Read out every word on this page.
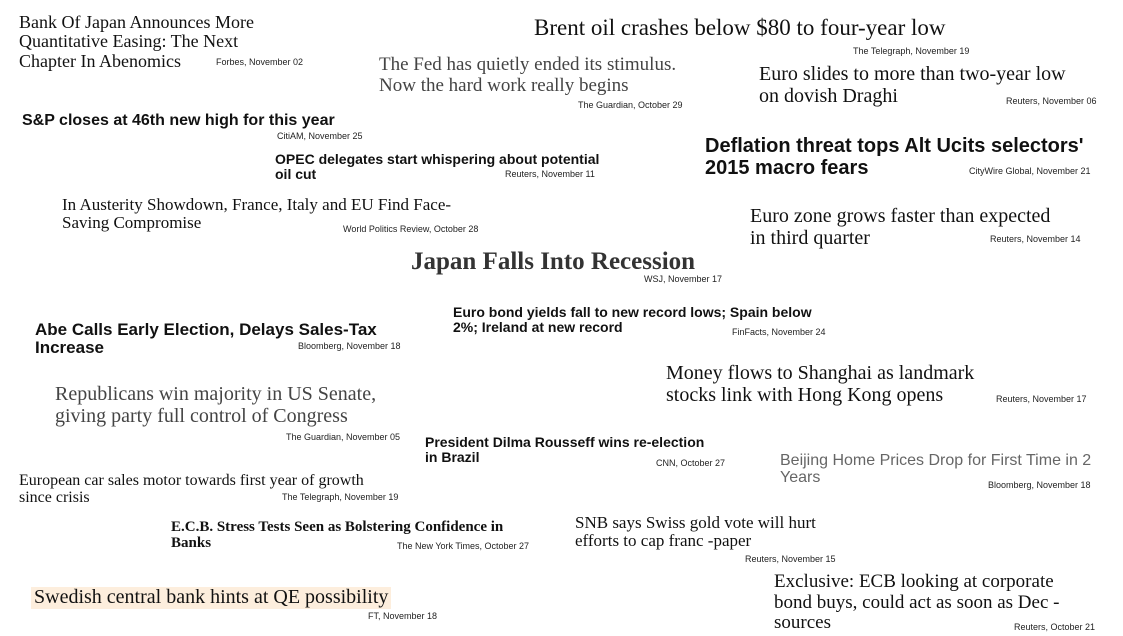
Bank Of Japan Announces More
Quantitative Easing: The Next
Chapter In Abenomics	Forbes, November 02
Brent oil crashes below $80 to four-year low
The Telegraph, November 19
The Fed has quietly ended its stimulus.
Now the hard work really begins
The Guardian, October 29
Euro slides to more than two-year low
on dovish Draghi	Reuters, November 06
S&P closes at 46th new high for this year
CitiAM, November 25
OPEC delegates start whispering about potential
oil cut	Reuters, November 11
Deflation threat tops Alt Ucits selectors'
2015 macro fears	CityWire Global, November 21
In Austerity Showdown, France, Italy and EU Find Face-
Saving Compromise	World Politics Review, October 28
Euro zone grows faster than expected
in third quarter	Reuters, November 14
Japan Falls Into Recession
WSJ, November 17
Euro bond yields fall to new record lows; Spain below
2%; Ireland at new record	FinFacts, November 24
Abe Calls Early Election, Delays Sales-Tax
Increase	Bloomberg, November 18
Money flows to Shanghai as landmark
stocks link with Hong Kong opens	Reuters, November 17
Republicans win majority in US Senate,
giving party full control of Congress
The Guardian, November 05 President Dilma Rousseff wins re-election
in Brazil	CNN, October 27	Beijing Home Prices Drop for First Time in 2
Years	Bloomberg, November 18
European car sales motor towards first year of growth
since crisis	The Telegraph, November 19
E.C.B. Stress Tests Seen as Bolstering Confidence in
Banks	The New York Times, October 27
SNB says Swiss gold vote will hurt
efforts to cap franc -paper
Reuters, November 15
Swedish central bank hints at QE possibility
FT, November 18
Exclusive: ECB looking at corporate
bond buys, could act as soon as Dec -
sources	Reuters, October 21
